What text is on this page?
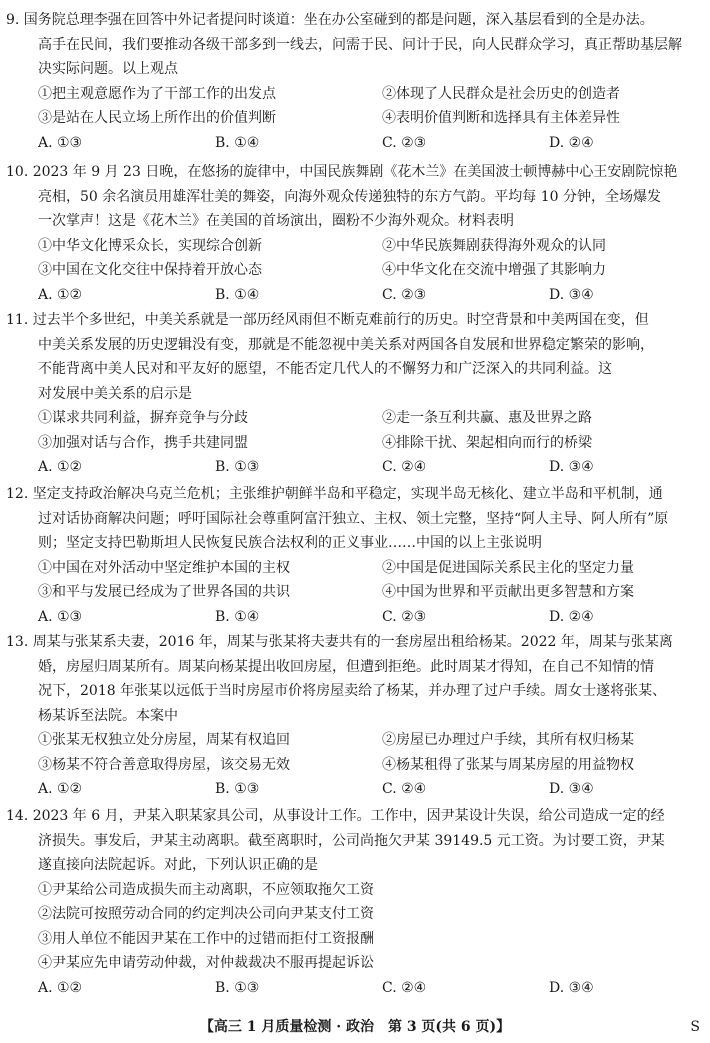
9. 国务院总理李强在回答中外记者提问时谈道：坐在办公室碰到的都是问题，深入基层看到的全是办法。
高手在民间，我们要推动各级干部多到一线去，问需于民、问计于民，向人民群众学习，真正帮助基层解
决实际问题。以上观点
①把主观意愿作为了干部工作的出发点	②体现了人民群众是社会历史的创造者
③是站在人民立场上所作出的价值判断	④表明价值判断和选择具有主体差异性
A. ①③	B. ①④	C. ②③	D. ②④
10. 2023 年 9 月 23 日晚，在悠扬的旋律中，中国民族舞剧《花木兰》在美国波士顿博赫中心王安剧院惊艳
亮相，50 余名演员用雄浑壮美的舞姿，向海外观众传递独特的东方气韵。平均每 10 分钟，全场爆发
一次掌声！这是《花木兰》在美国的首场演出，圈粉不少海外观众。材料表明
①中华文化博采众长，实现综合创新	②中华民族舞剧获得海外观众的认同
③中国在文化交往中保持着开放心态	④中华文化在交流中增强了其影响力
A. ①②	B. ①④	C. ②③	D. ③④
11. 过去半个多世纪，中美关系就是一部历经风雨但不断克难前行的历史。时空背景和中美两国在变，但
中美关系发展的历史逻辑没有变，那就是不能忽视中美关系对两国各自发展和世界稳定繁荣的影响，
不能背离中美人民对和平友好的愿望，不能否定几代人的不懈努力和广泛深入的共同利益。这
对发展中美关系的启示是
①谋求共同利益，摒弃竞争与分歧	②走一条互利共赢、惠及世界之路
③加强对话与合作，携手共建同盟	④排除干扰、架起相向而行的桥梁
A. ①②	B. ①③	C. ②④	D. ③④
12. 坚定支持政治解决乌克兰危机；主张维护朝鲜半岛和平稳定，实现半岛无核化、建立半岛和平机制，通
过对话协商解决问题；呼吁国际社会尊重阿富汗独立、主权、领土完整，坚持“阿人主导、阿人所有”原
则；坚定支持巴勒斯坦人民恢复民族合法权利的正义事业……中国的以上主张说明
①中国在对外活动中坚定维护本国的主权	②中国是促进国际关系民主化的坚定力量
③和平与发展已经成为了世界各国的共识	④中国为世界和平贡献出更多智慧和方案
A. ①③	B. ①④	C. ②③	D. ②④
13. 周某与张某系夫妻，2016 年，周某与张某将夫妻共有的一套房屋出租给杨某。2022 年，周某与张某离
婚，房屋归周某所有。周某向杨某提出收回房屋，但遭到拒绝。此时周某才得知，在自己不知情的情
况下，2018 年张某以远低于当时房屋市价将房屋卖给了杨某，并办理了过户手续。周女士遂将张某、
杨某诉至法院。本案中
①张某无权独立处分房屋，周某有权追回	②房屋已办理过户手续，其所有权归杨某
③杨某不符合善意取得房屋，该交易无效	④杨某租得了张某与周某房屋的用益物权
A. ①②	B. ①③	C. ②④	D. ③④
14. 2023 年 6 月，尹某入职某家具公司，从事设计工作。工作中，因尹某设计失误，给公司造成一定的经
济损失。事发后，尹某主动离职。截至离职时，公司尚拖欠尹某 39149.5 元工资。为讨要工资，尹某
遂直接向法院起诉。对此，下列认识正确的是
①尹某给公司造成损失而主动离职，不应领取拖欠工资
②法院可按照劳动合同的约定判决公司向尹某支付工资
③用人单位不能因尹某在工作中的过错而拒付工资报酬
④尹某应先申请劳动仲裁，对仲裁裁决不服再提起诉讼
A. ①②	B. ①③	C. ②④	D. ③④
【高三 1 月质量检测 · 政治　第 3 页(共 6 页)】	S
